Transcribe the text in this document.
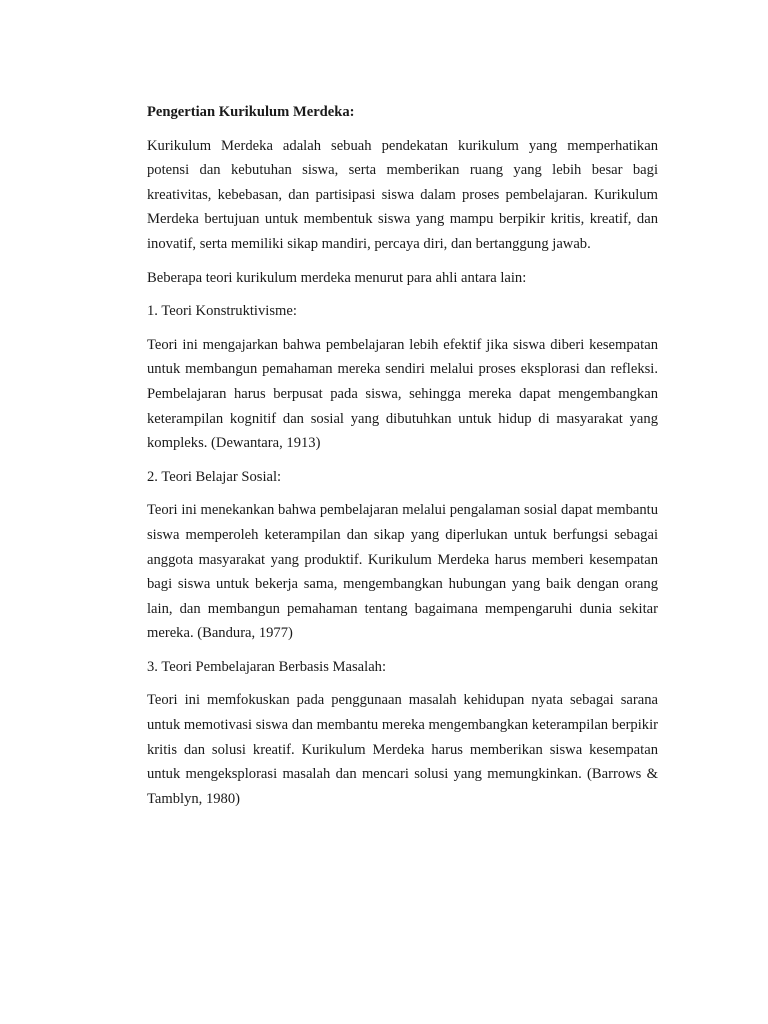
Pengertian Kurikulum Merdeka:

Kurikulum Merdeka adalah sebuah pendekatan kurikulum yang memperhatikan potensi dan kebutuhan siswa, serta memberikan ruang yang lebih besar bagi kreativitas, kebebasan, dan partisipasi siswa dalam proses pembelajaran. Kurikulum Merdeka bertujuan untuk membentuk siswa yang mampu berpikir kritis, kreatif, dan inovatif, serta memiliki sikap mandiri, percaya diri, dan bertanggung jawab.

Beberapa teori kurikulum merdeka menurut para ahli antara lain:

1. Teori Konstruktivisme:

Teori ini mengajarkan bahwa pembelajaran lebih efektif jika siswa diberi kesempatan untuk membangun pemahaman mereka sendiri melalui proses eksplorasi dan refleksi. Pembelajaran harus berpusat pada siswa, sehingga mereka dapat mengembangkan keterampilan kognitif dan sosial yang dibutuhkan untuk hidup di masyarakat yang kompleks. (Dewantara, 1913)

2. Teori Belajar Sosial:

Teori ini menekankan bahwa pembelajaran melalui pengalaman sosial dapat membantu siswa memperoleh keterampilan dan sikap yang diperlukan untuk berfungsi sebagai anggota masyarakat yang produktif. Kurikulum Merdeka harus memberi kesempatan bagi siswa untuk bekerja sama, mengembangkan hubungan yang baik dengan orang lain, dan membangun pemahaman tentang bagaimana mempengaruhi dunia sekitar mereka. (Bandura, 1977)

3. Teori Pembelajaran Berbasis Masalah:

Teori ini memfokuskan pada penggunaan masalah kehidupan nyata sebagai sarana untuk memotivasi siswa dan membantu mereka mengembangkan keterampilan berpikir kritis dan solusi kreatif. Kurikulum Merdeka harus memberikan siswa kesempatan untuk mengeksplorasi masalah dan mencari solusi yang memungkinkan. (Barrows & Tamblyn, 1980)
